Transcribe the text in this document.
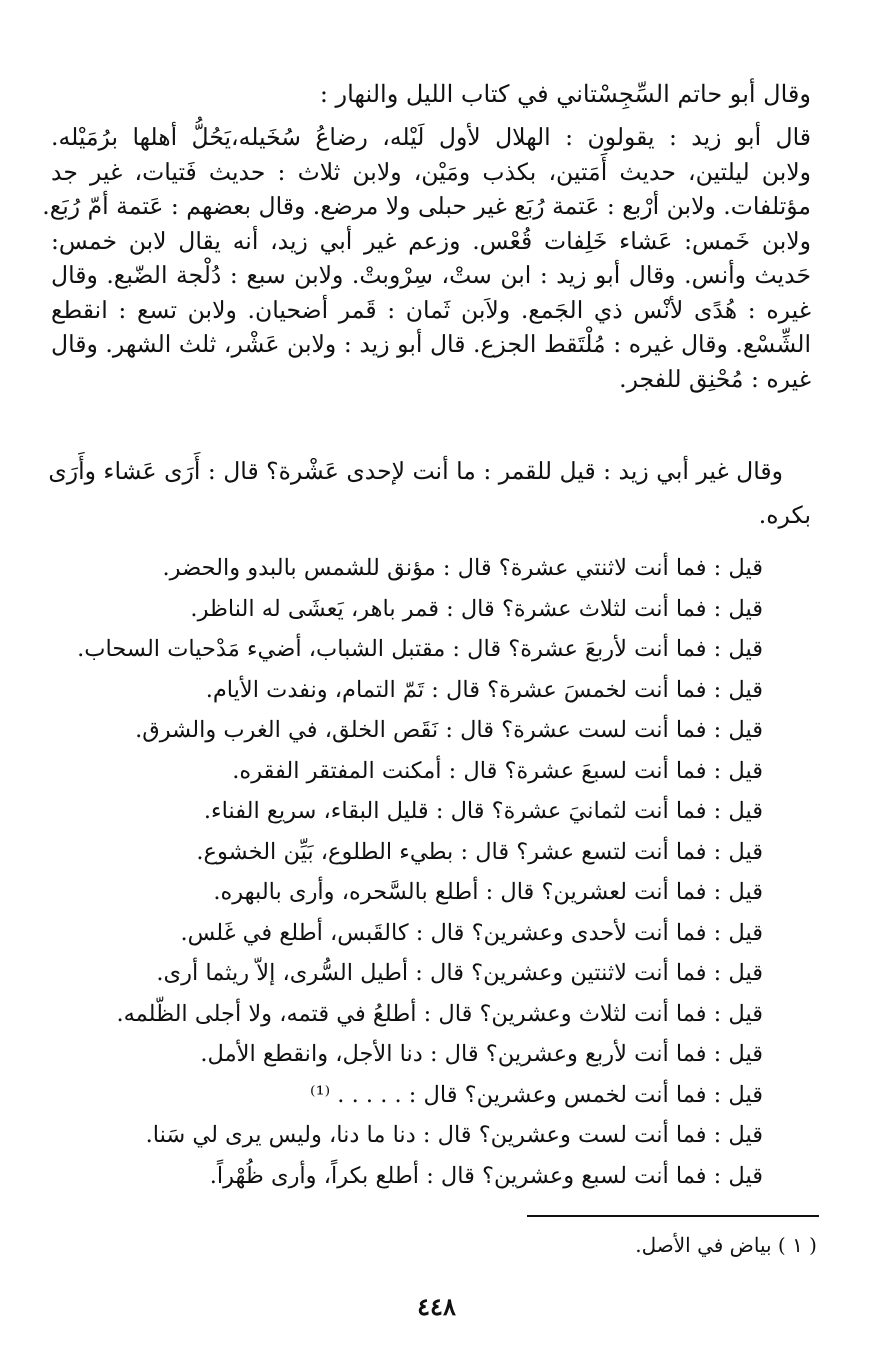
وقال أبو حاتم السِّجِسْتاني في كتاب الليل والنهار :
قال أبو زيد : يقولون : الهلال لأول لَيْله، رضاعُ سُخَيله،يَحُلُّ أهلها برُمَيْله.
ولابن ليلتين، حديث أَمَتين، بكذب ومَيْن، ولابن ثلاث : حديث فَتيات، غير جد
مؤتلفات. ولابن أرْبع : عَتمة رُبَع غير حبلى ولا مرضع. وقال بعضهم : عَتمة أمّ رُبَع.
ولابن خَمس: عَشاء خَلِفات قُعْس. وزعم غير أبي زيد، أنه يقال لابن خمس:
حَديث وأنس. وقال أبو زيد : ابن ستْ، سِرْوبتْ. ولابن سبع : دُلْجة الضّبع. وقال
غيره : هُدًى لأنْس ذي الجَمع. ولاَبن ثَمان : قَمر أضحيان. ولابن تسع : انقطع
الشِّسْع. وقال غيره : مُلْتَقط الجزع. قال أبو زيد : ولابن عَشْر، ثلث الشهر. وقال
غيره : مُحْنِق للفجر.
وقال غير أبي زيد : قيل للقمر : ما أنت لإحدى عَشْرة؟ قال : أَرَى عَشاء وأَرَى
بكره.
قيل : فما أنت لاثنتي عشرة؟ قال : مؤنق للشمس بالبدو والحضر.
قيل : فما أنت لثلاث عشرة؟ قال : قمر باهر، يَعشَى له الناظر.
قيل : فما أنت لأربعَ عشرة؟ قال : مقتبل الشباب، أضيء مَدْحيات السحاب.
قيل : فما أنت لخمسَ عشرة؟ قال : تَمّ التمام، ونفدت الأيام.
قيل : فما أنت لست عشرة؟ قال : نَقَص الخلق، في الغرب والشرق.
قيل : فما أنت لسبعَ عشرة؟ قال : أمكنت المفتقر الفقره.
قيل : فما أنت لثمانيَ عشرة؟ قال : قليل البقاء، سريع الفناء.
قيل : فما أنت لتسع عشر؟ قال : بطيء الطلوع، بَيِّن الخشوع.
قيل : فما أنت لعشرين؟ قال : أطلع بالسَّحره، وأرى بالبهره.
قيل : فما أنت لأحدى وعشرين؟ قال : كالقَبس، أطلع في غَلس.
قيل : فما أنت لاثنتين وعشرين؟ قال : أطيل السُّرى، إلاّ ريثما أرى.
قيل : فما أنت لثلاث وعشرين؟ قال : أطلعُ في قتمه، ولا أجلى الظّلمه.
قيل : فما أنت لأربع وعشرين؟ قال : دنا الأجل، وانقطع الأمل.
قيل : فما أنت لخمس وعشرين؟ قال : . . . . . ⁽¹⁾
قيل : فما أنت لست وعشرين؟ قال : دنا ما دنا، وليس يرى لي سَنا.
قيل : فما أنت لسبع وعشرين؟ قال : أطلع بكراً، وأرى ظُهْراً.
( ١ ) بياض في الأصل.
٤٤٨
